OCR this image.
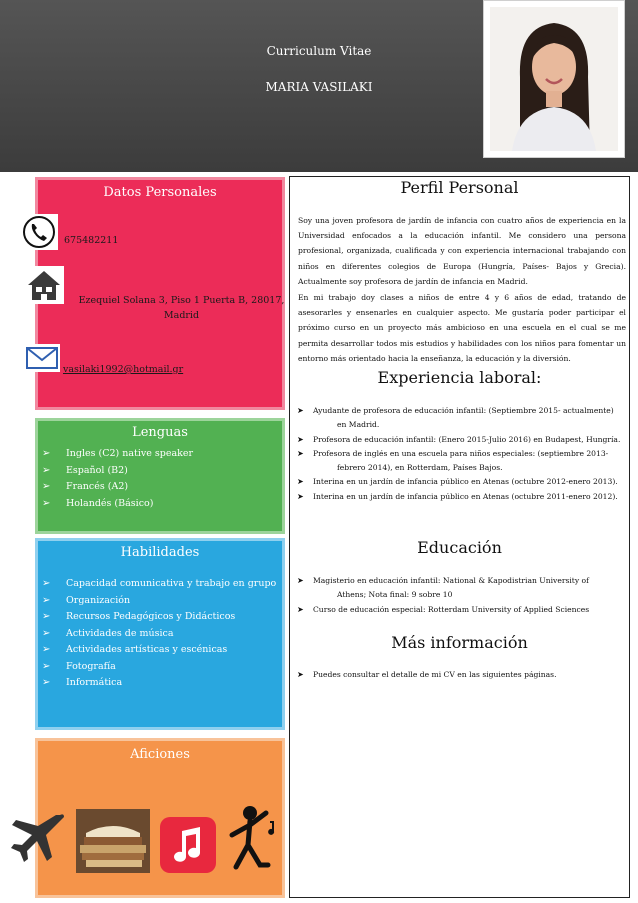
Curriculum Vitae
MARIA VASILAKI
Datos Personales
675482211
Ezequiel Solana 3, Piso 1 Puerta B, 28017,
Madrid
vasilaki1992@hotmail.gr
Lenguas
➢ Ingles (C2) native speaker
➢ Español (B2)
➢ Francés (A2)
➢ Holandés (Básico)
Habilidades
➢ Capacidad comunicativa y trabajo en grupo
➢ Organización
➢ Recursos Pedagógicos y Didácticos
➢ Actividades de música
➢ Actividades artísticas y escénicas
➢ Fotografía
➢ Informática
Aficiones
Perfil Personal
Soy una joven profesora de jardín de infancia con cuatro años de experiencia en la Universidad enfocados a la educación infantil. Me considero una persona profesional, organizada, cualificada y con experiencia internacional trabajando con niños en diferentes colegios de Europa (Hungría, Países- Bajos y Grecia). Actualmente soy profesora de jardín de infancia en Madrid.
En mi trabajo doy clases a niños de entre 4 y 6 años de edad, tratando de asesorarles y ensenarles en cualquier aspecto. Me gustaría poder participar el próximo curso en un proyecto más ambicioso en una escuela en el cual se me permita desarrollar todos mis estudios y habilidades con los niños para fomentar un entorno más orientado hacia la enseñanza, la educación y la diversión.
Experiencia laboral:
➤ Ayudante de profesora de educación infantil: (Septiembre 2015- actualmente)
en Madrid.
➤ Profesora de educación infantil: (Enero 2015-Julio 2016) en Budapest, Hungría.
➤ Profesora de inglés en una escuela para niños especiales: (septiembre 2013-
febrero 2014), en Rotterdam, Países Bajos.
➤ Interina en un jardín de infancia público en Atenas (octubre 2012-enero 2013).
➤ Interina en un jardín de infancia público en Atenas (octubre 2011-enero 2012).
Educación
➤ Magisterio en educación infantil: National & Kapodistrian University of
Athens; Nota final: 9 sobre 10
➤ Curso de educación especial: Rotterdam University of Applied Sciences
Más información
➤ Puedes consultar el detalle de mi CV en las siguientes páginas.
